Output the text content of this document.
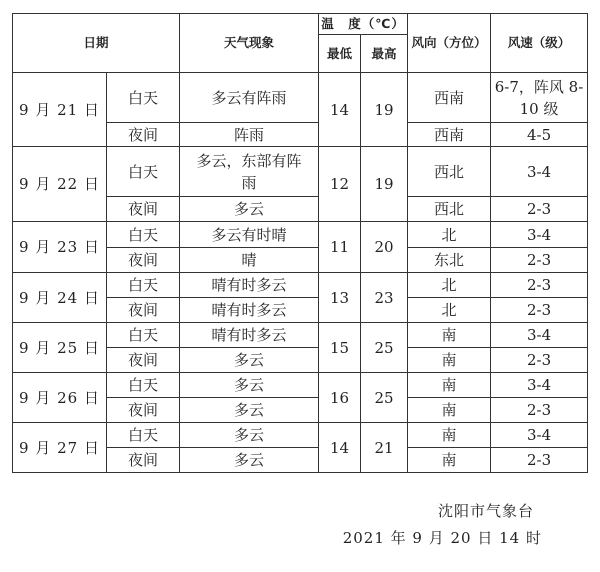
日期		天气现象	温　度（℃）		风向（方位）	风速（级）
			最低	最高		
9 月 21 日	白天	多云有阵雨	14	19	西南	6-7，阵风 8-10 级
	夜间	阵雨			西南	4-5
9 月 22 日	白天	多云，东部有阵雨	12	19	西北	3-4
	夜间	多云			西北	2-3
9 月 23 日	白天	多云有时晴	11	20	北	3-4
	夜间	晴			东北	2-3
9 月 24 日	白天	晴有时多云	13	23	北	2-3
	夜间	晴有时多云			北	2-3
9 月 25 日	白天	晴有时多云	15	25	南	3-4
	夜间	多云			南	2-3
9 月 26 日	白天	多云	16	25	南	3-4
	夜间	多云			南	2-3
9 月 27 日	白天	多云	14	21	南	3-4
	夜间	多云			南	2-3
沈阳市气象台
2021 年 9 月 20 日 14 时
